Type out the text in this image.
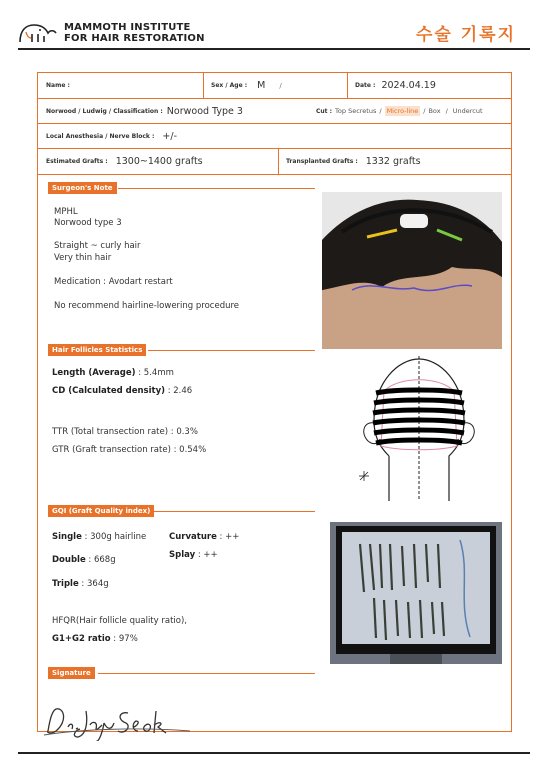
MAMMOTH INSTITUTE
FOR HAIR RESTORATION	수술 기록지
Name :	Sex / Age : M /	Date : 2024.04.19
Norwood / Ludwig / Classification : Norwood Type 3	Cut : Top Secretus / Micro-line / Box / Undercut
Local Anesthesia / Nerve Block : +/-
Estimated Grafts : 1300~1400 grafts	Transplanted Grafts : 1332 grafts
Surgeon's Note
MPHL
Norwood type 3
Straight ~ curly hair
Very thin hair
Medication : Avodart restart
No recommend hairline-lowering procedure
Hair Follicles Statistics
Length (Average) : 5.4mm
CD (Calculated density) : 2.46
TTR (Total transection rate) : 0.3%
GTR (Graft transection rate) : 0.54%
GQI (Graft Quality index)
Single : 300g hairline	Curvature : ++
Splay : ++
Double : 668g
Triple : 364g
HFQR(Hair follicle quality ratio),
G1+G2 ratio : 97%
Signature
